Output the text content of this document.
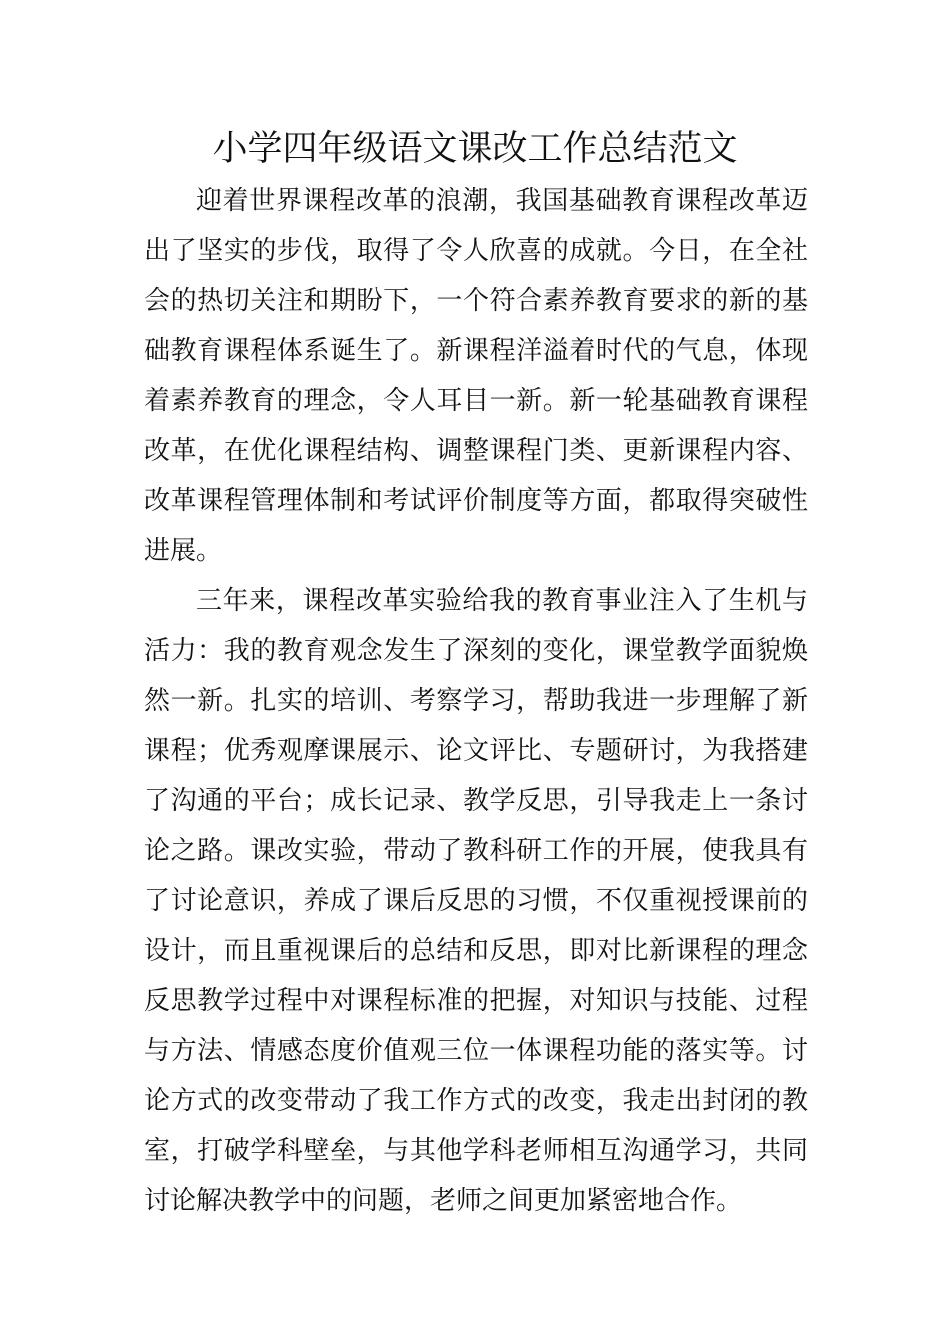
小学四年级语文课改工作总结范文

迎着世界课程改革的浪潮，我国基础教育课程改革迈出了坚实的步伐，取得了令人欣喜的成就。今日，在全社会的热切关注和期盼下，一个符合素养教育要求的新的基础教育课程体系诞生了。新课程洋溢着时代的气息，体现着素养教育的理念，令人耳目一新。新一轮基础教育课程改革，在优化课程结构、调整课程门类、更新课程内容、改革课程管理体制和考试评价制度等方面，都取得突破性进展。

三年来，课程改革实验给我的教育事业注入了生机与活力：我的教育观念发生了深刻的变化，课堂教学面貌焕然一新。扎实的培训、考察学习，帮助我进一步理解了新课程；优秀观摩课展示、论文评比、专题研讨，为我搭建了沟通的平台；成长记录、教学反思，引导我走上一条讨论之路。课改实验，带动了教科研工作的开展，使我具有了讨论意识，养成了课后反思的习惯，不仅重视授课前的设计，而且重视课后的总结和反思，即对比新课程的理念反思教学过程中对课程标准的把握，对知识与技能、过程与方法、情感态度价值观三位一体课程功能的落实等。讨论方式的改变带动了我工作方式的改变，我走出封闭的教室，打破学科壁垒，与其他学科老师相互沟通学习，共同讨论解决教学中的问题，老师之间更加紧密地合作。
